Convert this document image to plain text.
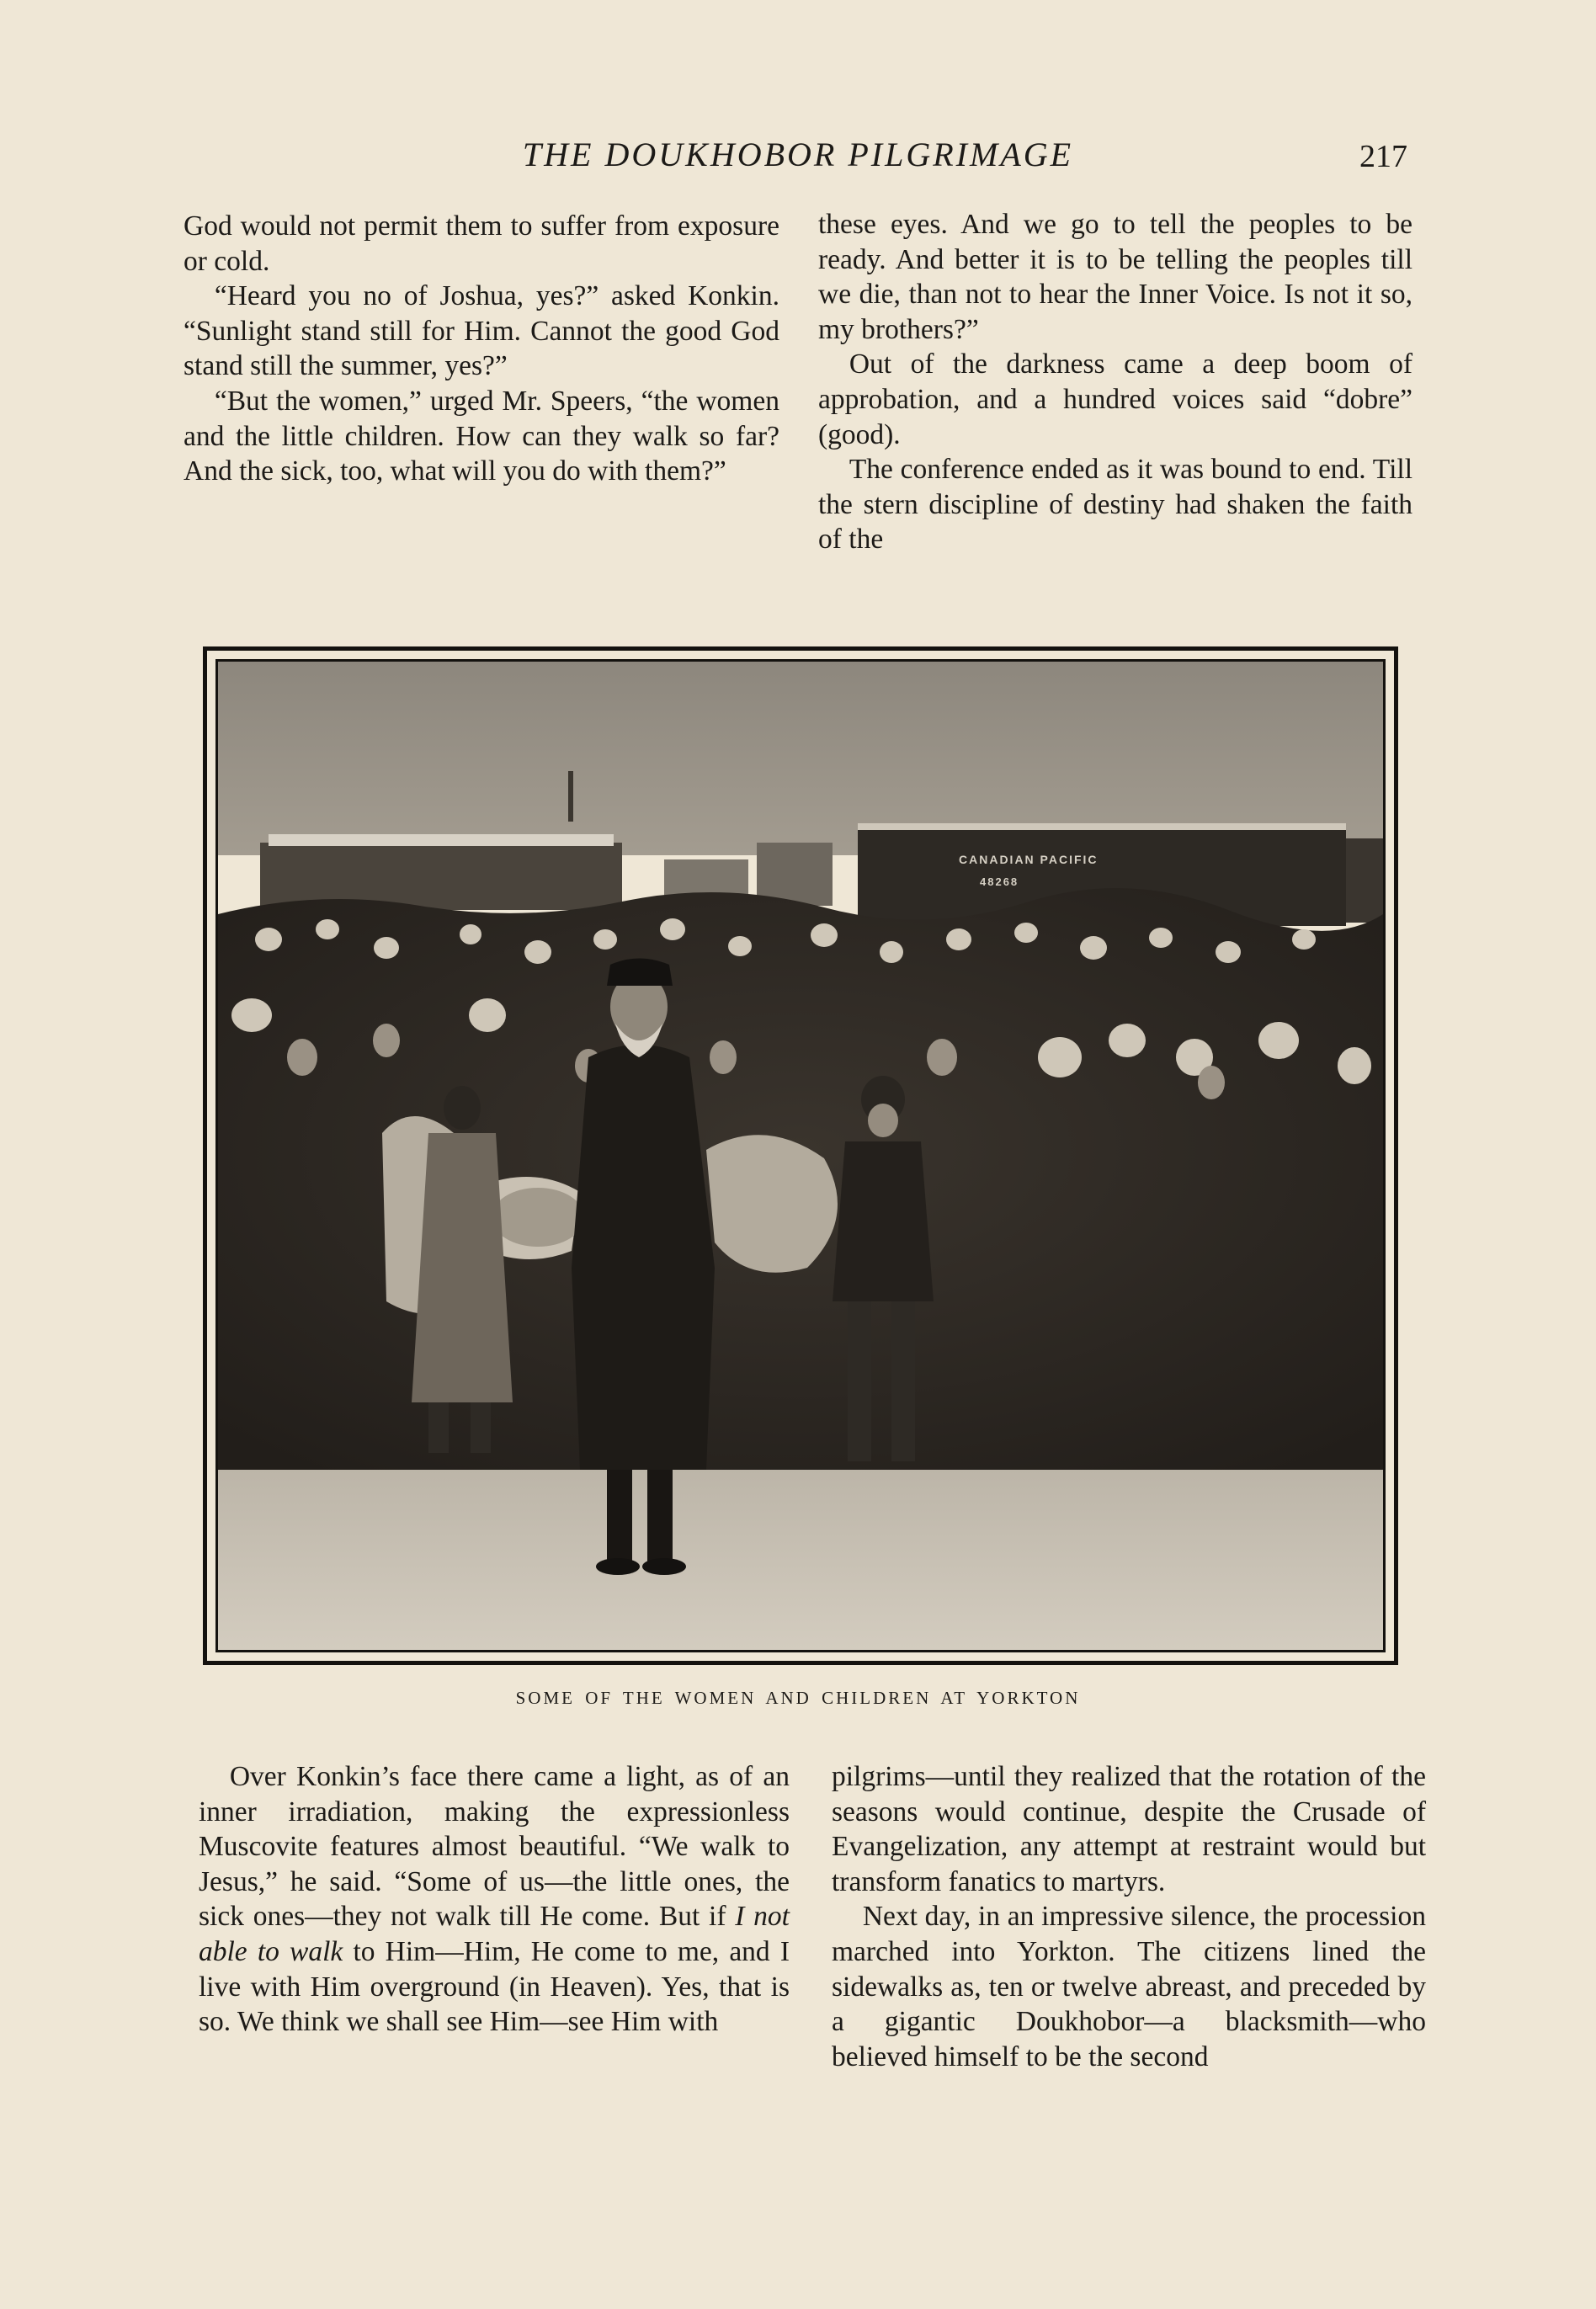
THE DOUKHOBOR PILGRIMAGE	217

God would not permit them to suffer from exposure or cold.

“Heard you no of Joshua, yes?” asked Konkin. “Sunlight stand still for Him. Cannot the good God stand still the summer, yes?”

“But the women,” urged Mr. Speers, “the women and the little children. How can they walk so far? And the sick, too, what will you do with them?”

these eyes. And we go to tell the peoples to be ready. And better it is to be telling the peoples till we die, than not to hear the Inner Voice. Is not it so, my brothers?”

Out of the darkness came a deep boom of approbation, and a hundred voices said “dobre” (good).

The conference ended as it was bound to end. Till the stern discipline of destiny had shaken the faith of the

CANADIAN PACIFIC
48268
SOME OF THE WOMEN AND CHILDREN AT YORKTON

Over Konkin’s face there came a light, as of an inner irradiation, making the expressionless Muscovite features almost beautiful. “We walk to Jesus,” he said. “Some of us—the little ones, the sick ones—they not walk till He come. But if I not able to walk to Him—Him, He come to me, and I live with Him overground (in Heaven). Yes, that is so. We think we shall see Him—see Him with

pilgrims—until they realized that the rotation of the seasons would continue, despite the Crusade of Evangelization, any attempt at restraint would but transform fanatics to martyrs.

Next day, in an impressive silence, the procession marched into Yorkton. The citizens lined the sidewalks as, ten or twelve abreast, and preceded by a gigantic Doukhobor—a blacksmith—who believed himself to be the second
